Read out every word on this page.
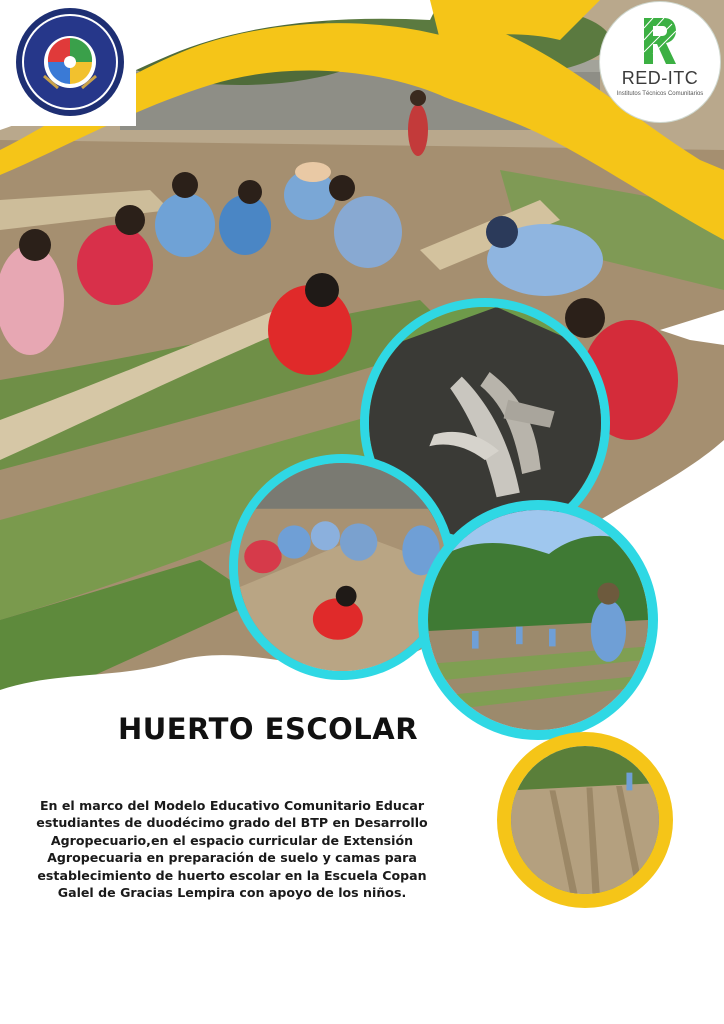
RED-ITC
Institutos Técnicos Comunitarios
HUERTO ESCOLAR
En el marco del Modelo Educativo Comunitario Educar estudiantes de duodécimo grado del BTP en Desarrollo Agropecuario,en el espacio curricular de Extensión Agropecuaria en preparación de suelo y camas para establecimiento de huerto escolar en la Escuela Copan Galel de Gracias Lempira con apoyo de los niños.
